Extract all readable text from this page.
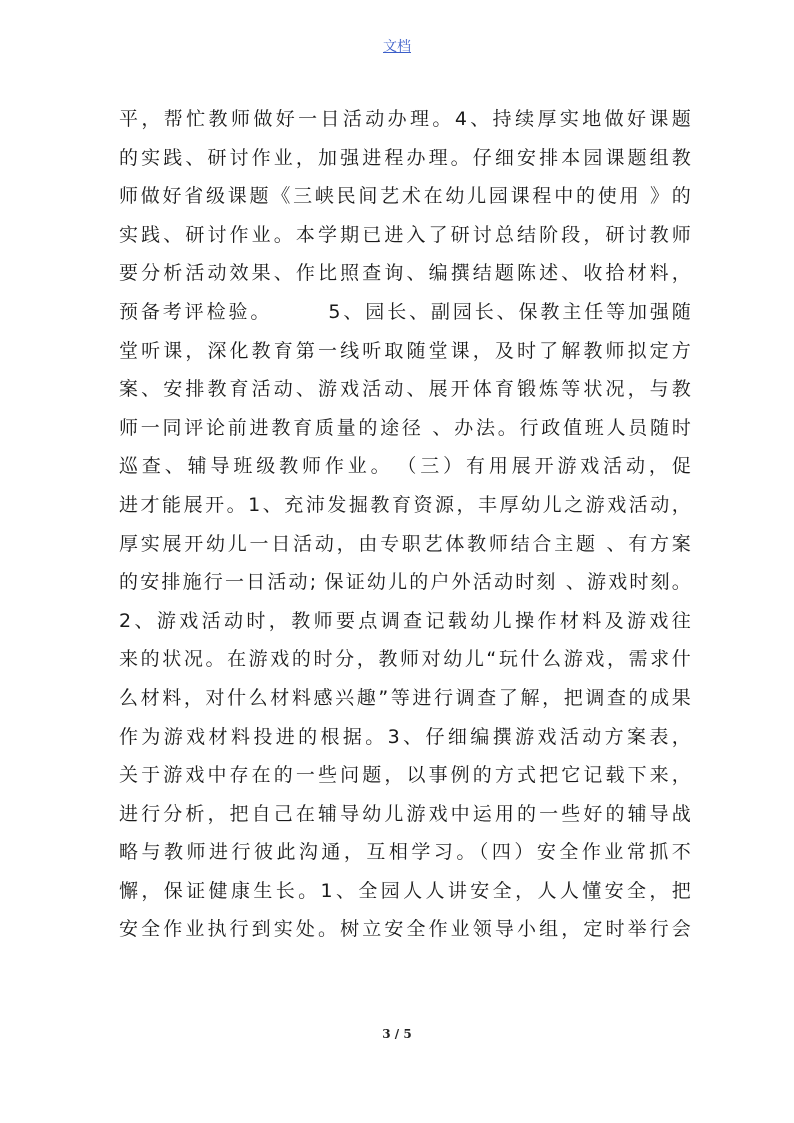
文档
平，帮忙教师做好一日活动办理。4、持续厚实地做好课题
的实践、研讨作业，加强进程办理。仔细安排本园课题组教
师做好省级课题《三峡民间艺术在幼儿园课程中的使用 》的
实践、研讨作业。本学期已进入了研讨总结阶段，研讨教师
要分析活动效果、作比照查询、编撰结题陈述、收拾材料，
预备考评检验。　　　5、园长、副园长、保教主任等加强随
堂听课，深化教育第一线听取随堂课，及时了解教师拟定方
案、安排教育活动、游戏活动、展开体育锻炼等状况，与教
师一同评论前进教育质量的途径 、办法。行政值班人员随时
巡查、辅导班级教师作业。　（三）有用展开游戏活动，促
进才能展开。1、充沛发掘教育资源，丰厚幼儿之游戏活动，
厚实展开幼儿一日活动，由专职艺体教师结合主题 、有方案
的安排施行一日活动; 保证幼儿的户外活动时刻 、游戏时刻。
2、游戏活动时，教师要点调查记载幼儿操作材料及游戏往
来的状况。在游戏的时分，教师对幼儿“玩什么游戏，需求什
么材料，对什么材料感兴趣”等进行调查了解，把调查的成果
作为游戏材料投进的根据。3、仔细编撰游戏活动方案表，
关于游戏中存在的一些问题，以事例的方式把它记载下来，
进行分析，把自己在辅导幼儿游戏中运用的一些好的辅导战
略与教师进行彼此沟通，互相学习。（四）安全作业常抓不
懈，保证健康生长。1、全园人人讲安全，人人懂安全，把
安全作业执行到实处。树立安全作业领导小组，定时举行会
3 / 5
